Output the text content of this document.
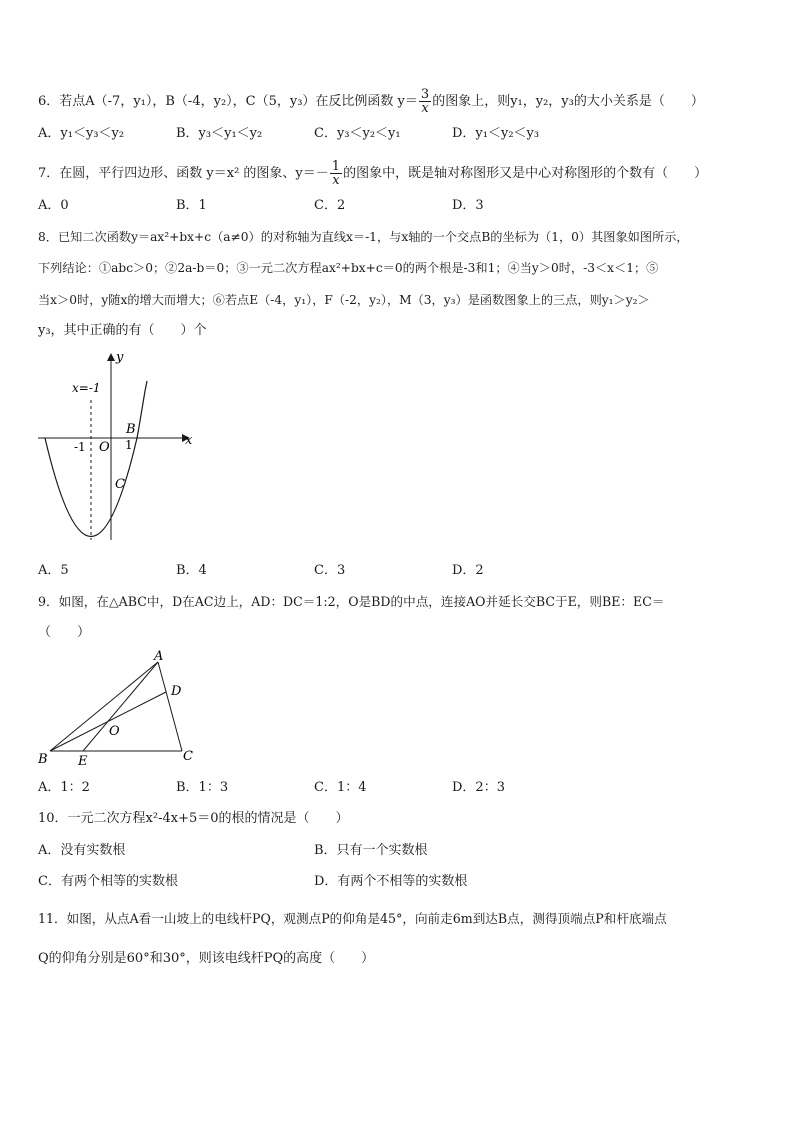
6．若点A（-7，y₁），B（-4，y₂），C（5，y₃）在反比例函数 $y= \frac{3}{x}$ 的图象上，则y₁，y₂，y₃的大小关系是（　　）
A．y₁＜y₃＜y₂	B．y₃＜y₁＜y₂	C．y₃＜y₂＜y₁	D．y₁＜y₂＜y₃
7．在圆，平行四边形、函数 y＝x² 的图象、$y=- \frac{1}{x}$ 的图象中，既是轴对称图形又是中心对称图形的个数有（　　）
A．0	B．1	C．2	D．3
8．已知二次函数y＝ax²+bx+c（a≠0）的对称轴为直线x＝-1，与x轴的一个交点B的坐标为（1，0）其图象如图所示，
下列结论：①abc＞0；②2a-b＝0；③一元二次方程ax²+bx+c＝0的两个根是-3和1；④当y＞0时，-3＜x＜1；⑤
当x＞0时，y随x的增大而增大；⑥若点E（-4，y₁），F（-2，y₂），M（3，y₃）是函数图象上的三点，则y₁＞y₂＞
y₃，其中正确的有（　　）个
y
x
x=-1
-1 O 1
B
C
A．5	B．4	C．3	D．2
9．如图，在△ABC中，D在AC边上，AD：DC＝1:2，O是BD的中点，连接AO并延长交BC于E，则BE：EC＝
（　　）
A
D
O
B E	C
A．1：2	B．1：3	C．1：4	D．2：3
10．一元二次方程x²-4x+5＝0的根的情况是（　　）
A．没有实数根	B．只有一个实数根
C．有两个相等的实数根	D．有两个不相等的实数根
11．如图，从点A看一山坡上的电线杆PQ，观测点P的仰角是45°，向前走6m到达B点，测得顶端点P和杆底端点
Q的仰角分别是60°和30°，则该电线杆PQ的高度（　　）
